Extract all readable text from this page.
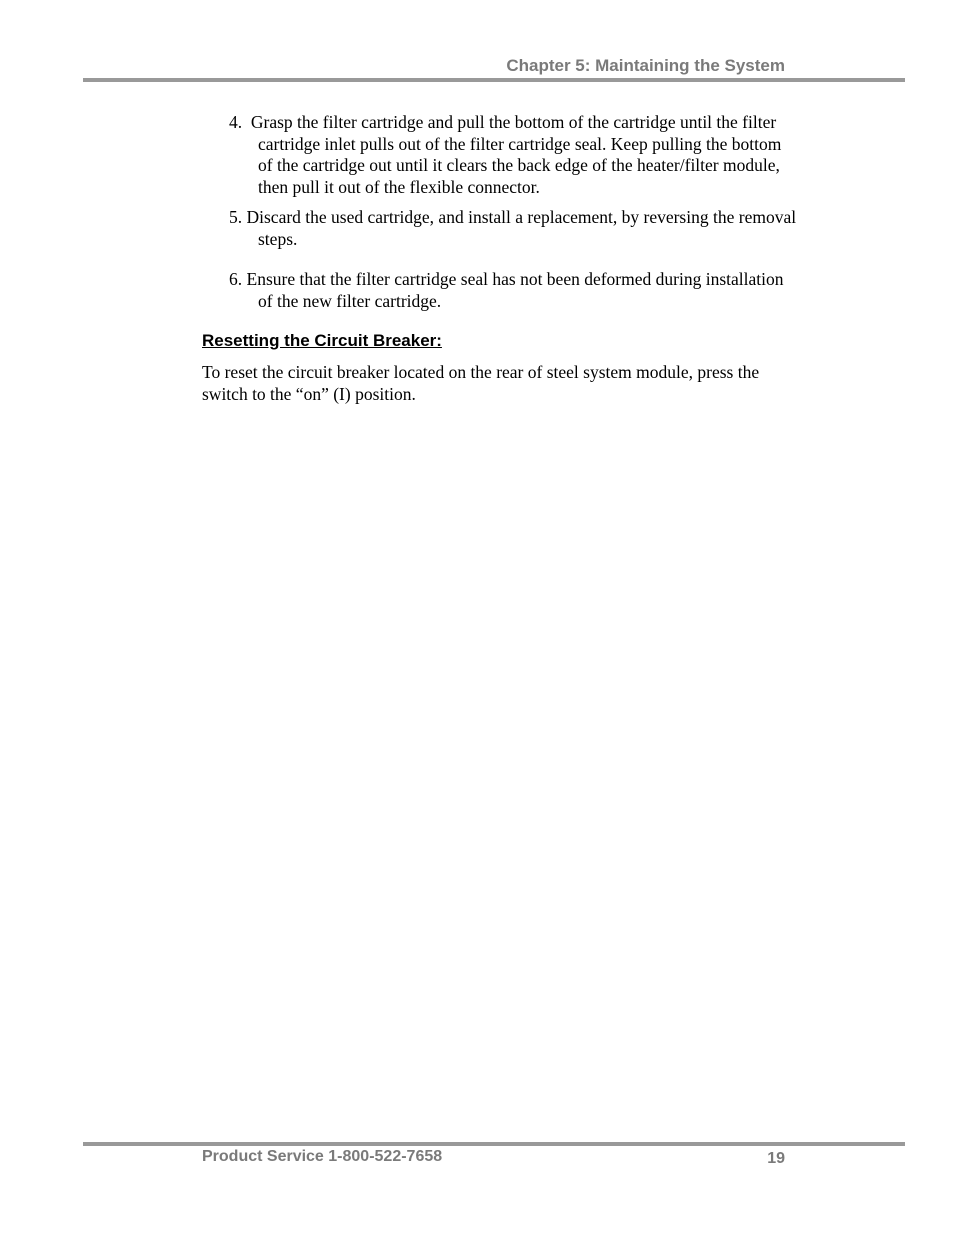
Chapter 5: Maintaining the System

4.  Grasp the filter cartridge and pull the bottom of the cartridge until the filter cartridge inlet pulls out of the filter cartridge seal. Keep pulling the bottom of the cartridge out until it clears the back edge of the heater/filter module, then pull it out of the flexible connector.

5. Discard the used cartridge, and install a replacement, by reversing the removal steps.

6. Ensure that the filter cartridge seal has not been deformed during installation of the new filter cartridge.

Resetting the Circuit Breaker:

To reset the circuit breaker located on the rear of steel system module, press the switch to the “on” (I) position.

Product Service 1-800-522-7658	19
